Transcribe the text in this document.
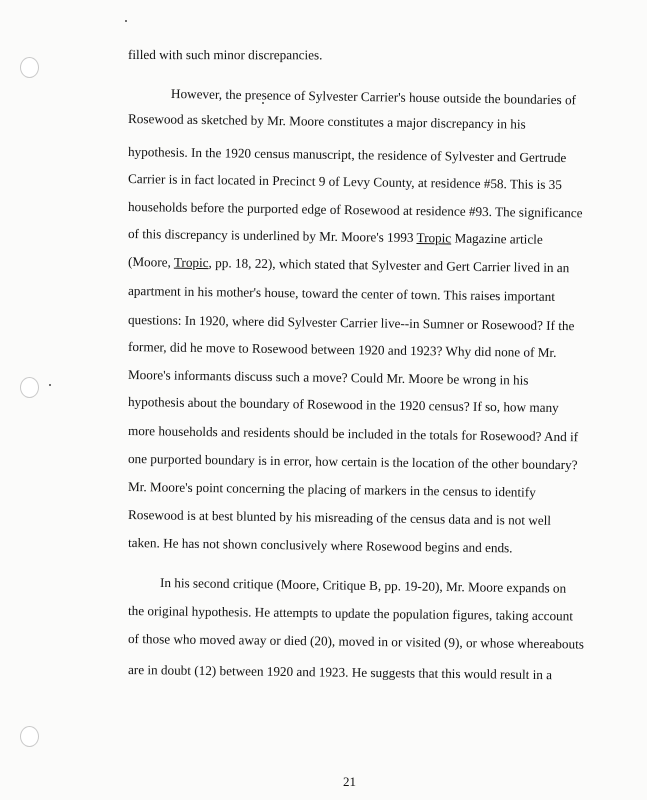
filled with such minor discrepancies.
However, the presence of Sylvester Carrier's house outside the boundaries of
Rosewood as sketched by Mr. Moore constitutes a major discrepancy in his
hypothesis. In the 1920 census manuscript, the residence of Sylvester and Gertrude
Carrier is in fact located in Precinct 9 of Levy County, at residence #58. This is 35
households before the purported edge of Rosewood at residence #93. The significance
of this discrepancy is underlined by Mr. Moore's 1993 Tropic Magazine article
(Moore, Tropic, pp. 18, 22), which stated that Sylvester and Gert Carrier lived in an
apartment in his mother's house, toward the center of town. This raises important
questions: In 1920, where did Sylvester Carrier live--in Sumner or Rosewood? If the
former, did he move to Rosewood between 1920 and 1923? Why did none of Mr.
Moore's informants discuss such a move? Could Mr. Moore be wrong in his
hypothesis about the boundary of Rosewood in the 1920 census? If so, how many
more households and residents should be included in the totals for Rosewood? And if
one purported boundary is in error, how certain is the location of the other boundary?
Mr. Moore's point concerning the placing of markers in the census to identify
Rosewood is at best blunted by his misreading of the census data and is not well
taken. He has not shown conclusively where Rosewood begins and ends.
In his second critique (Moore, Critique B, pp. 19-20), Mr. Moore expands on
the original hypothesis. He attempts to update the population figures, taking account
of those who moved away or died (20), moved in or visited (9), or whose whereabouts
are in doubt (12) between 1920 and 1923. He suggests that this would result in a
21
